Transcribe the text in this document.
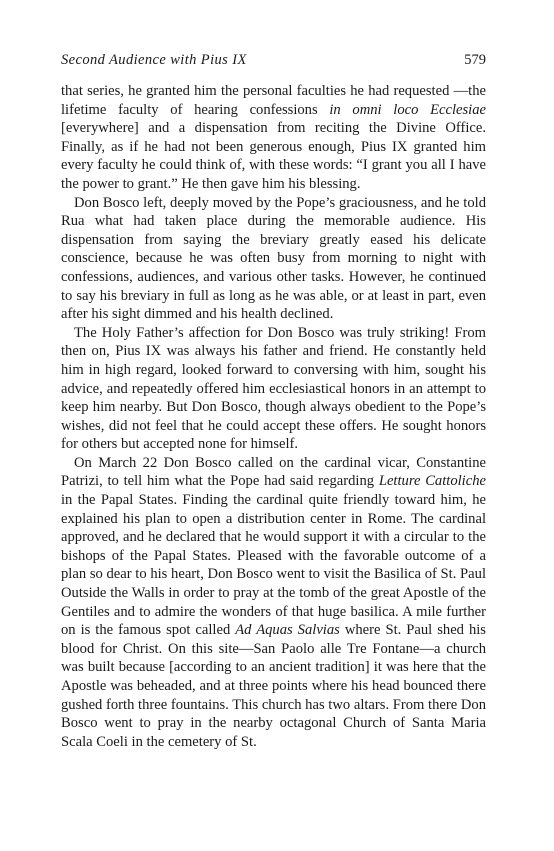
Second Audience with Pius IX	579

that series, he granted him the personal faculties he had requested —the lifetime faculty of hearing confessions in omni loco Ecclesiae [everywhere] and a dispensation from reciting the Divine Office. Finally, as if he had not been generous enough, Pius IX granted him every faculty he could think of, with these words: “I grant you all I have the power to grant.” He then gave him his blessing.

Don Bosco left, deeply moved by the Pope’s graciousness, and he told Rua what had taken place during the memorable audience. His dispensation from saying the breviary greatly eased his delicate conscience, because he was often busy from morning to night with confessions, audiences, and various other tasks. However, he continued to say his breviary in full as long as he was able, or at least in part, even after his sight dimmed and his health declined.

The Holy Father’s affection for Don Bosco was truly striking! From then on, Pius IX was always his father and friend. He constantly held him in high regard, looked forward to conversing with him, sought his advice, and repeatedly offered him ecclesiastical honors in an attempt to keep him nearby. But Don Bosco, though always obedient to the Pope’s wishes, did not feel that he could accept these offers. He sought honors for others but accepted none for himself.

On March 22 Don Bosco called on the cardinal vicar, Constantine Patrizi, to tell him what the Pope had said regarding Letture Cattoliche in the Papal States. Finding the cardinal quite friendly toward him, he explained his plan to open a distribution center in Rome. The cardinal approved, and he declared that he would support it with a circular to the bishops of the Papal States. Pleased with the favorable outcome of a plan so dear to his heart, Don Bosco went to visit the Basilica of St. Paul Outside the Walls in order to pray at the tomb of the great Apostle of the Gentiles and to admire the wonders of that huge basilica. A mile further on is the famous spot called Ad Aquas Salvias where St. Paul shed his blood for Christ. On this site—San Paolo alle Tre Fontane—a church was built because [according to an ancient tradition] it was here that the Apostle was beheaded, and at three points where his head bounced there gushed forth three fountains. This church has two altars. From there Don Bosco went to pray in the nearby octagonal Church of Santa Maria Scala Coeli in the cemetery of St.
